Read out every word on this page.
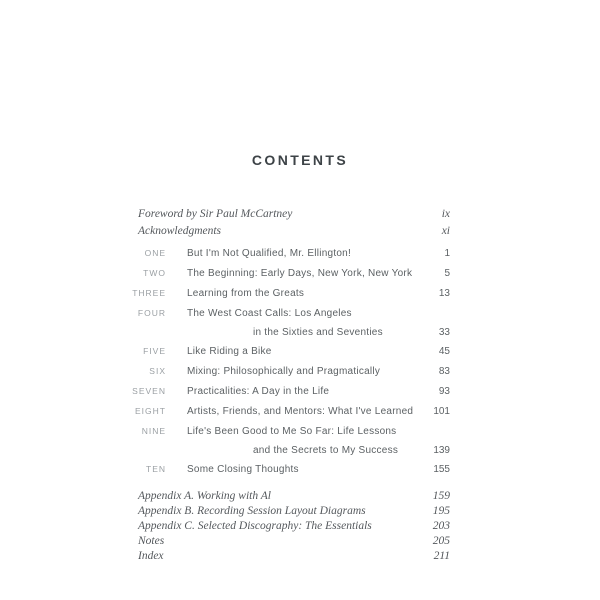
CONTENTS
Foreword by Sir Paul McCartney	ix
Acknowledgments	xi
ONE But I'm Not Qualified, Mr. Ellington!	1
TWO The Beginning: Early Days, New York, New York	5
THREE Learning from the Greats	13
FOUR The West Coast Calls: Los Angeles
in the Sixties and Seventies	33
FIVE Like Riding a Bike	45
SIX Mixing: Philosophically and Pragmatically	83
SEVEN Practicalities: A Day in the Life	93
EIGHT Artists, Friends, and Mentors: What I've Learned	101
NINE Life's Been Good to Me So Far: Life Lessons
and the Secrets to My Success	139
TEN Some Closing Thoughts	155
Appendix A. Working with Al	159
Appendix B. Recording Session Layout Diagrams	195
Appendix C. Selected Discography: The Essentials	203
Notes	205
Index	211
